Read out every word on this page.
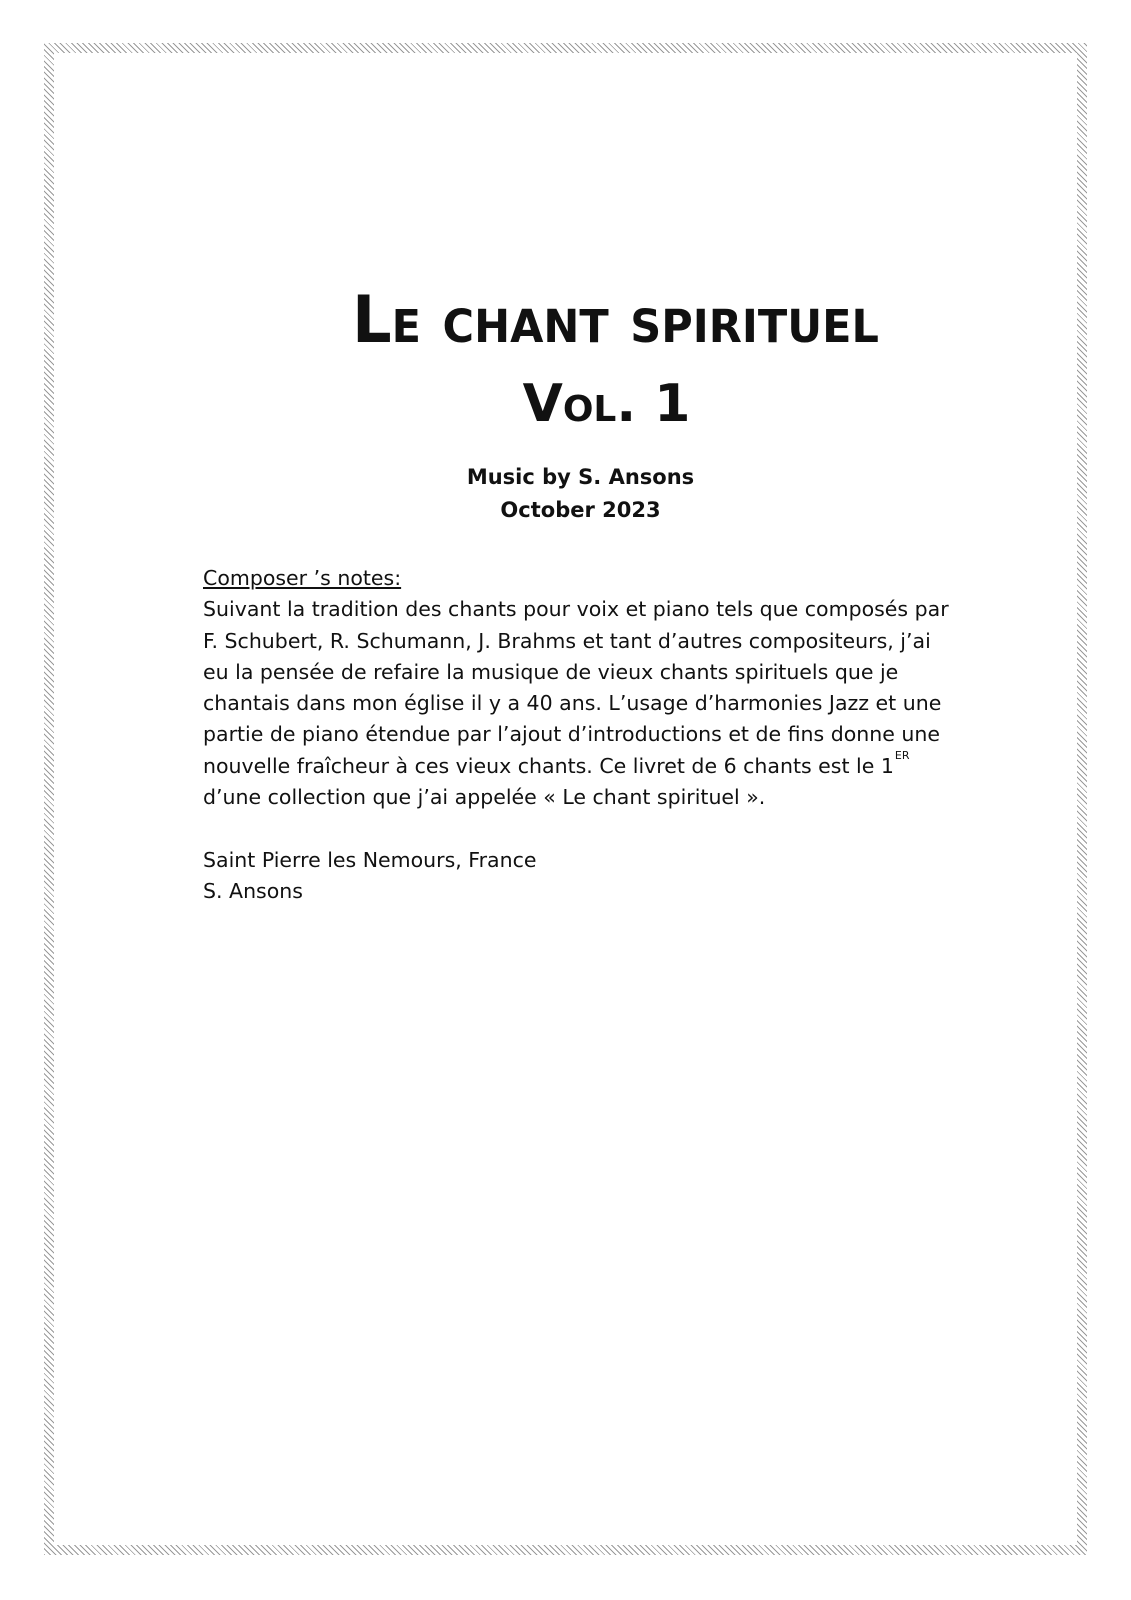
Le chant spirituel
Vol. 1
Music by S. Ansons
October 2023
Composer ’s notes:
Suivant la tradition des chants pour voix et piano tels que composés par
F. Schubert, R. Schumann, J. Brahms et tant d’autres compositeurs, j’ai
eu la pensée de refaire la musique de vieux chants spirituels que je
chantais dans mon église il y a 40 ans. L’usage d’harmonies Jazz et une
partie de piano étendue par l’ajout d’introductions et de fins donne une
nouvelle fraîcheur à ces vieux chants. Ce livret de 6 chants est le 1ER
d’une collection que j’ai appelée « Le chant spirituel ».
Saint Pierre les Nemours, France
S. Ansons
